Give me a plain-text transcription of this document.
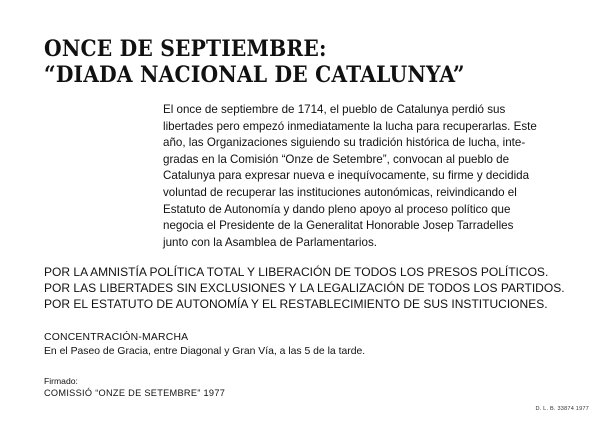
ONCE DE SEPTIEMBRE:
“DIADA NACIONAL DE CATALUNYA”

El once de septiembre de 1714, el pueblo de Catalunya perdió sus
libertades pero empezó inmediatamente la lucha para recuperarlas. Este
año, las Organizaciones siguiendo su tradición histórica de lucha, inte-
gradas en la Comisión “Onze de Setembre”, convocan al pueblo de
Catalunya para expresar nueva e inequívocamente, su firme y decidida
voluntad de recuperar las instituciones autonómicas, reivindicando el
Estatuto de Autonomía y dando pleno apoyo al proceso político que
negocia el Presidente de la Generalitat Honorable Josep Tarradelles
junto con la Asamblea de Parlamentarios.

POR LA AMNISTÍA POLÍTICA TOTAL Y LIBERACIÓN DE TODOS LOS PRESOS POLÍTICOS.
POR LAS LIBERTADES SIN EXCLUSIONES Y LA LEGALIZACIÓN DE TODOS LOS PARTIDOS.
POR EL ESTATUTO DE AUTONOMÍA Y EL RESTABLECIMIENTO DE SUS INSTITUCIONES.
CONCENTRACIÓN-MARCHA
En el Paseo de Gracia, entre Diagonal y Gran Vía, a las 5 de la tarde.
Firmado:
COMISSIÓ “ONZE DE SETEMBRE” 1977
D. L. B. 33874 1977
